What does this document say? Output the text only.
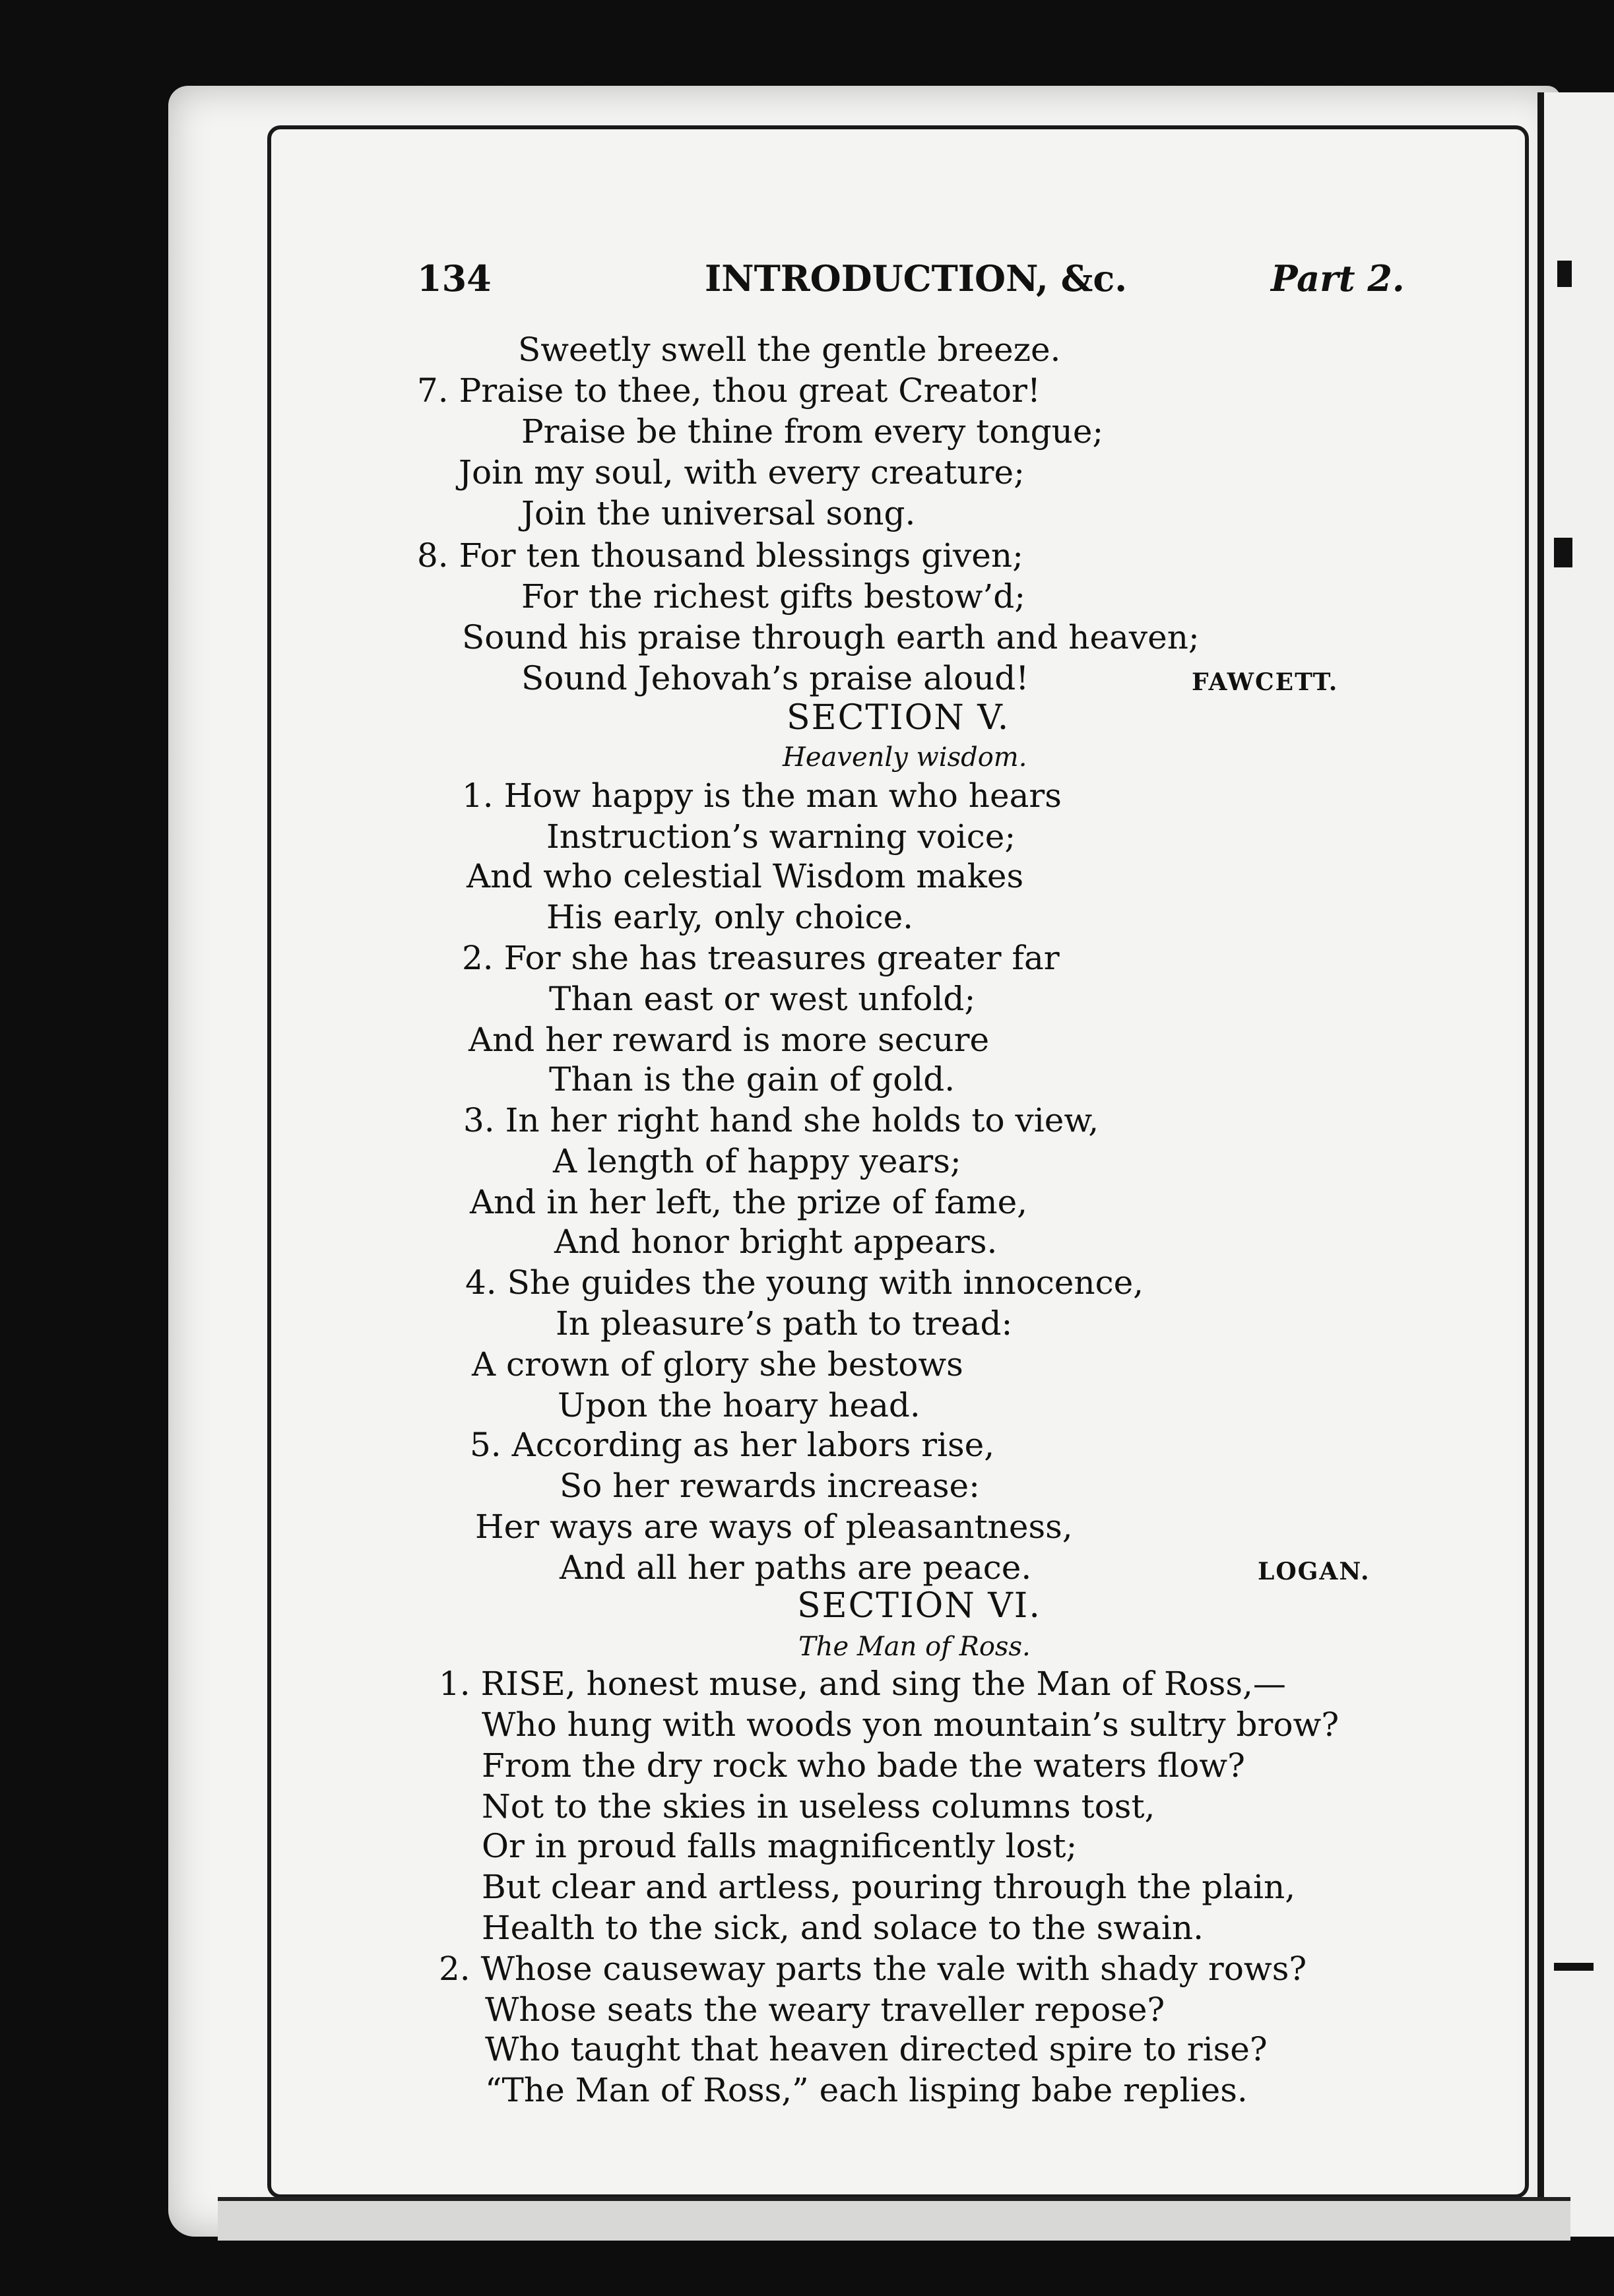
134	INTRODUCTION, &c.	Part 2.
Sweetly swell the gentle breeze.
7. Praise to thee, thou great Creator!
Praise be thine from every tongue;
Join my soul, with every creature;
Join the universal song.
8. For ten thousand blessings given;
For the richest gifts bestow’d;
Sound his praise through earth and heaven;
Sound Jehovah’s praise aloud!	FAWCETT.
SECTION V.
Heavenly wisdom.
1. How happy is the man who hears
Instruction’s warning voice;
And who celestial Wisdom makes
His early, only choice.
2. For she has treasures greater far
Than east or west unfold;
And her reward is more secure
Than is the gain of gold.
3. In her right hand she holds to view,
A length of happy years;
And in her left, the prize of fame,
And honor bright appears.
4. She guides the young with innocence,
In pleasure’s path to tread:
A crown of glory she bestows
Upon the hoary head.
5. According as her labors rise,
So her rewards increase:
Her ways are ways of pleasantness,
And all her paths are peace.	LOGAN.
SECTION VI.
The Man of Ross.
1. RISE, honest muse, and sing the Man of Ross,—
Who hung with woods yon mountain’s sultry brow?
From the dry rock who bade the waters flow?
Not to the skies in useless columns tost,
Or in proud falls magnificently lost;
But clear and artless, pouring through the plain,
Health to the sick, and solace to the swain.
2. Whose causeway parts the vale with shady rows?
Whose seats the weary traveller repose?
Who taught that heaven directed spire to rise?
“The Man of Ross,” each lisping babe replies.
